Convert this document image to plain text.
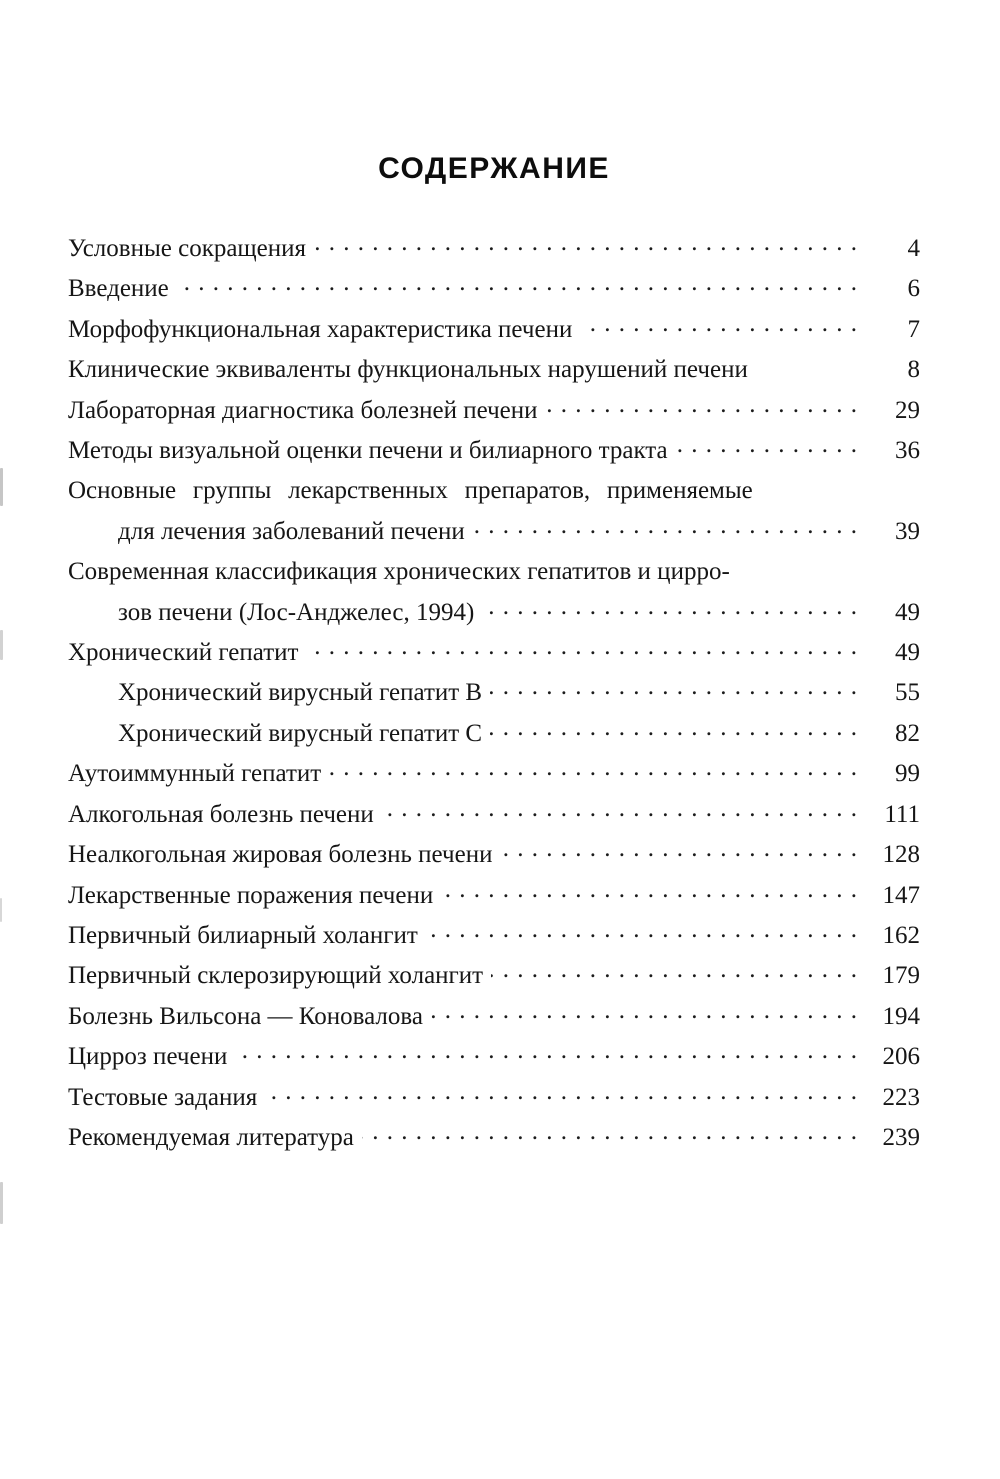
СОДЕРЖАНИЕ
Условные сокращения . . .	4
Введение . . .	6
Морфофункциональная характеристика печени . . .	7
Клинические эквиваленты функциональных нарушений печени	8
Лабораторная диагностика болезней печени . . .	29
Методы визуальной оценки печени и билиарного тракта . . .	36
Основные группы лекарственных препаратов, применяемые
для лечения заболеваний печени . . .	39
Современная классификация хронических гепатитов и цирро-
зов печени (Лос-Анджелес, 1994) . . .	49
Хронический гепатит . . .	49
Хронический вирусный гепатит В . . .	55
Хронический вирусный гепатит С . . .	82
Аутоиммунный гепатит . . .	99
Алкогольная болезнь печени . . .	111
Неалкогольная жировая болезнь печени . . .	128
Лекарственные поражения печени . . .	147
Первичный билиарный холангит . . .	162
Первичный склерозирующий холангит . . .	179
Болезнь Вильсона — Коновалова . . .	194
Цирроз печени . . .	206
Тестовые задания . . .	223
Рекомендуемая литература . . .	239
